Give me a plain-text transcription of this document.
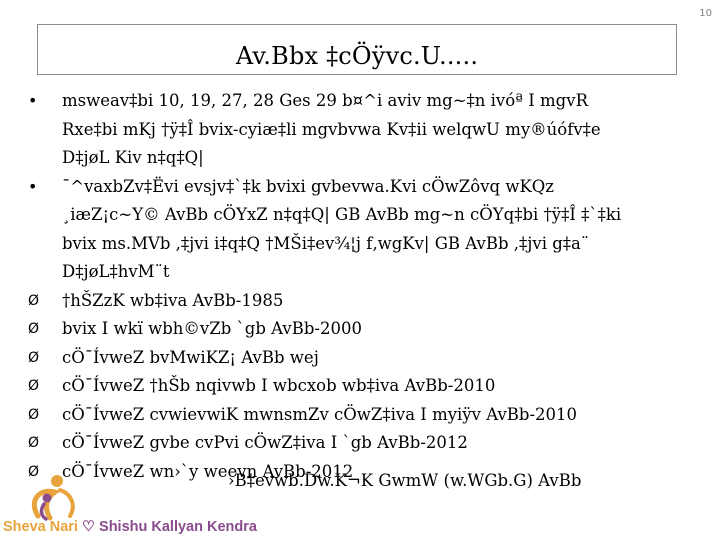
10
Av.Bbx ‡cÖÿvc.U.....
•	msweav‡bi 10, 19, 27, 28 Ges 29 b¤^i aviv mg~‡n ivóª I mgvR
Rxe‡bi mKj †ÿ‡Î bvix-cyiæ‡li mgvbvwa Kv‡ii welqwU my®úófv‡e
D‡jøL Kiv n‡q‡Q|
•	¯^vaxbZv‡Ëvi evsjv‡`‡k bvixi gvbevwa.Kvi cÖwZôvq wKQz
¸iæZ¡c~Y© AvBb cÖYxZ n‡q‡Q| GB AvBb mg~n cÖYq‡bi †ÿ‡Î ‡`‡ki
bvix ms.MVb ,‡jvi i‡q‡Q †MŠi‡ev¾¦j f‚wgKv| GB AvBb ,‡jvi g‡a¨
D‡jøL‡hvM¨t
Ø	†hŠZzK wb‡iva AvBb-1985
Ø	bvix I wkï wbh©vZb `gb AvBb-2000
Ø	cÖ¯ÍvweZ bvMwiKZ¡ AvBb wej
Ø	cÖ¯ÍvweZ †hŠb nqivwb I wbcxob wb‡iva AvBb-2010
Ø	cÖ¯ÍvweZ cvwievwiK mwnsmZv cÖwZ‡iva I myiÿv AvBb-2010
Ø	cÖ¯ÍvweZ gvbe cvPvi cÖwZ‡iva I `gb AvBb-2012
Ø	cÖ¯ÍvweZ wn›`y weevn AvBb-2012
›B‡evwb.Dw.K¬K GwmW (w.WGb.G) AvBb
Sheva Nari ♡ Shishu Kallyan Kendra
